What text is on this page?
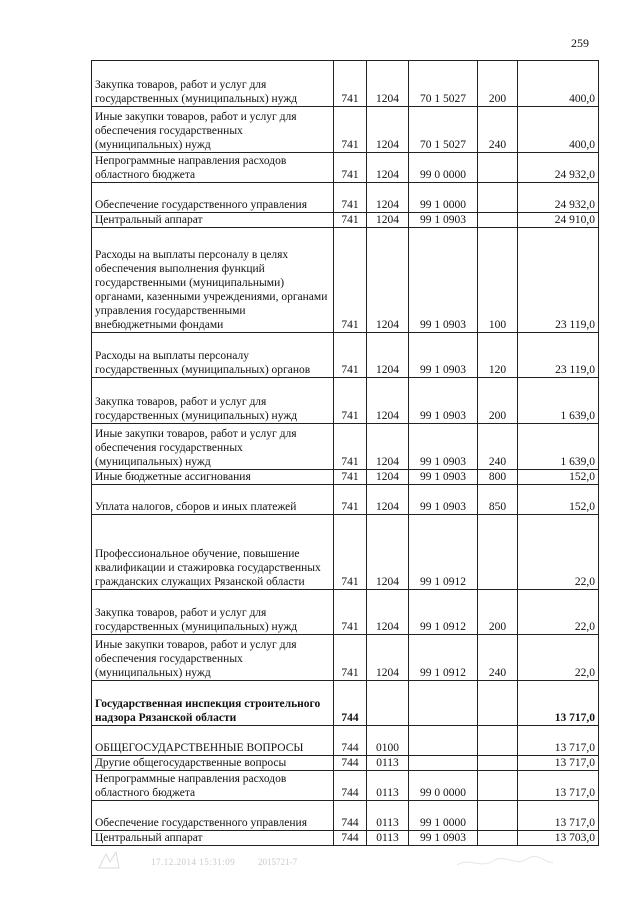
259
Закупка товаров, работ и услуг для государственных (муниципальных) нужд	741	1204	70 1 5027	200	400,0
Иные закупки товаров, работ и услуг для обеспечения государственных (муниципальных) нужд	741	1204	70 1 5027	240	400,0
Непрограммные направления расходов областного бюджета	741	1204	99 0 0000		24 932,0
Обеспечение государственного управления	741	1204	99 1 0000		24 932,0
Центральный аппарат	741	1204	99 1 0903		24 910,0
Расходы на выплаты персоналу в целях обеспечения выполнения функций государственными (муниципальными) органами, казенными учреждениями, органами управления государственными внебюджетными фондами	741	1204	99 1 0903	100	23 119,0
Расходы на выплаты персоналу государственных (муниципальных) органов	741	1204	99 1 0903	120	23 119,0
Закупка товаров, работ и услуг для государственных (муниципальных) нужд	741	1204	99 1 0903	200	1 639,0
Иные закупки товаров, работ и услуг для обеспечения государственных (муниципальных) нужд	741	1204	99 1 0903	240	1 639,0
Иные бюджетные ассигнования	741	1204	99 1 0903	800	152,0
Уплата налогов, сборов и иных платежей	741	1204	99 1 0903	850	152,0
Профессиональное обучение, повышение квалификации и стажировка государственных гражданских служащих Рязанской области	741	1204	99 1 0912		22,0
Закупка товаров, работ и услуг для государственных (муниципальных) нужд	741	1204	99 1 0912	200	22,0
Иные закупки товаров, работ и услуг для обеспечения государственных (муниципальных) нужд	741	1204	99 1 0912	240	22,0
Государственная инспекция строительного надзора Рязанской области	744				13 717,0
ОБЩЕГОСУДАРСТВЕННЫЕ ВОПРОСЫ	744	0100			13 717,0
Другие общегосударственные вопросы	744	0113			13 717,0
Непрограммные направления расходов областного бюджета	744	0113	99 0 0000		13 717,0
Обеспечение государственного управления	744	0113	99 1 0000		13 717,0
Центральный аппарат	744	0113	99 1 0903		13 703,0
17.12.2014 15:31:09	2015721-7
